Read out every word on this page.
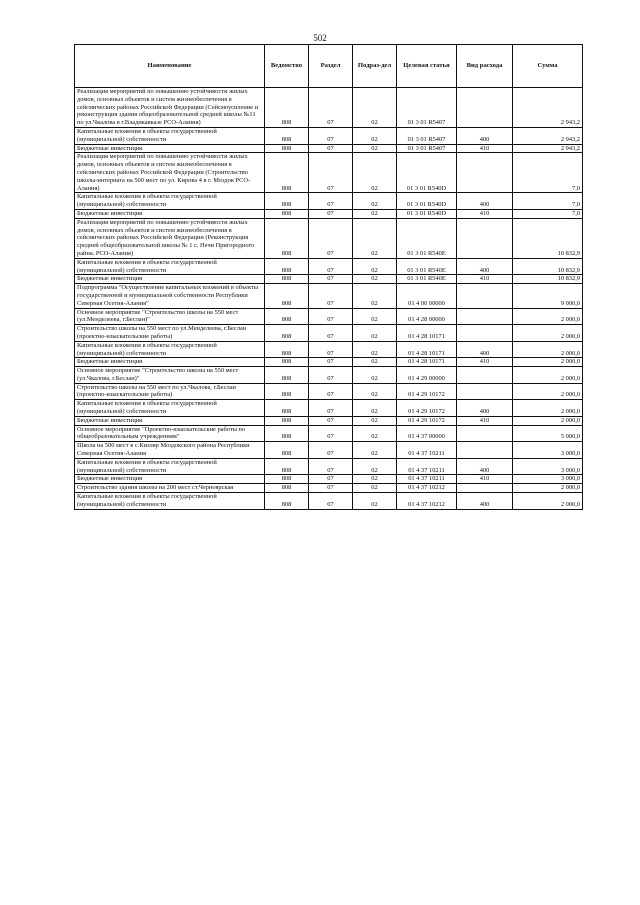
502
Наименование	Ведомство	Раздел	Подраз-дел	Целевая статья	Вид расхода	Сумма
Реализация мероприятий по повышению устойчивости жилых домов, основных объектов и систем жизнеобеспечения в сейсмических районах Российской Федерации (Сейсмоусиление и реконструкция здания общеобразовательной средней школы №11 по ул.Чкалова в г.Владикавказе РСО-Алания)	808	07	02	01 3 01 R5407		2 943,2
Капитальные вложения в объекты государственной (муниципальной) собственности	808	07	02	01 3 01 R5407	400	2 943,2
Бюджетные инвестиции	808	07	02	01 3 01 R5407	410	2 943,2
Реализация мероприятий по повышению устойчивости жилых домов, основных объектов и систем жизнеобеспечения в сейсмических районах Российской Федерации (Строительство школы-интерната на 500 мест по ул. Кирова 4 в г. Моздок РСО-Алания)	808	07	02	01 3 01 R540D		7,0
Капитальные вложения в объекты государственной (муниципальной) собственности	808	07	02	01 3 01 R540D	400	7,0
Бюджетные инвестиции	808	07	02	01 3 01 R540D	410	7,0
Реализация мероприятий по повышению устойчивости жилых домов, основных объектов и систем жизнеобеспечения в сейсмических районах Российской Федерации (Реконструкция средней общеобразовательной школы № 1 с. Нечи Пригородного райна. РСО-Алания)	808	07	02	01 3 01 R540E		10 832,9
Капитальные вложения в объекты государственной (муниципальной) собственности	808	07	02	01 3 01 R540E	400	10 832,9
Бюджетные инвестиции	808	07	02	01 3 01 R540E	410	10 832,9
Подпрограмма "Осуществление капитальных вложений в объекты государственной и муниципальной собственности Республики Северная Осетия-Алания"	808	07	02	01 4 00 00000		9 000,0
Основное мероприятие "Строительство школы на 550 мест (ул.Менделеева, г.Беслан)"	808	07	02	01 4 28 00000		2 000,0
Строительство школы на 550 мест по ул.Менделеева, г.Беслан (проектно-изыскательские работы)	808	07	02	01 4 28 10171		2 000,0
Капитальные вложения в объекты государственной (муниципальной) собственности	808	07	02	01 4 28 10171	400	2 000,0
Бюджетные инвестиции	808	07	02	01 4 28 10171	410	2 000,0
Основное мероприятие "Строительство школы на 550 мест (ул.Чкалова, г.Беслан)"	808	07	02	01 4 29 00000		2 000,0
Строительство школы на 550 мест по ул.Чкалова, г.Беслан (проектно-изыскательские работы)	808	07	02	01 4 29 10172		2 000,0
Капитальные вложения в объекты государственной (муниципальной) собственности	808	07	02	01 4 29 10172	400	2 000,0
Бюджетные инвестиции	808	07	02	01 4 29 10172	410	2 000,0
Основное мероприятие "Проектно-изыскательские работы по общеобразовательным учреждениям"	808	07	02	01 4 37 00000		5 000,0
Школа на 500 мест в с.Кизляр Моздокского района Республики Северная Осетия-Алания	808	07	02	01 4 37 10211		3 000,0
Капитальные вложения в объекты государственной (муниципальной) собственности	808	07	02	01 4 37 10211	400	3 000,0
Бюджетные инвестиции	808	07	02	01 4 37 10211	410	3 000,0
Строительство здания школы на 200 мест ст.Черноярская	808	07	02	01 4 37 10212		2 000,0
Капитальные вложения в объекты государственной (муниципальной) собственности	808	07	02	01 4 37 10212	400	2 000,0
